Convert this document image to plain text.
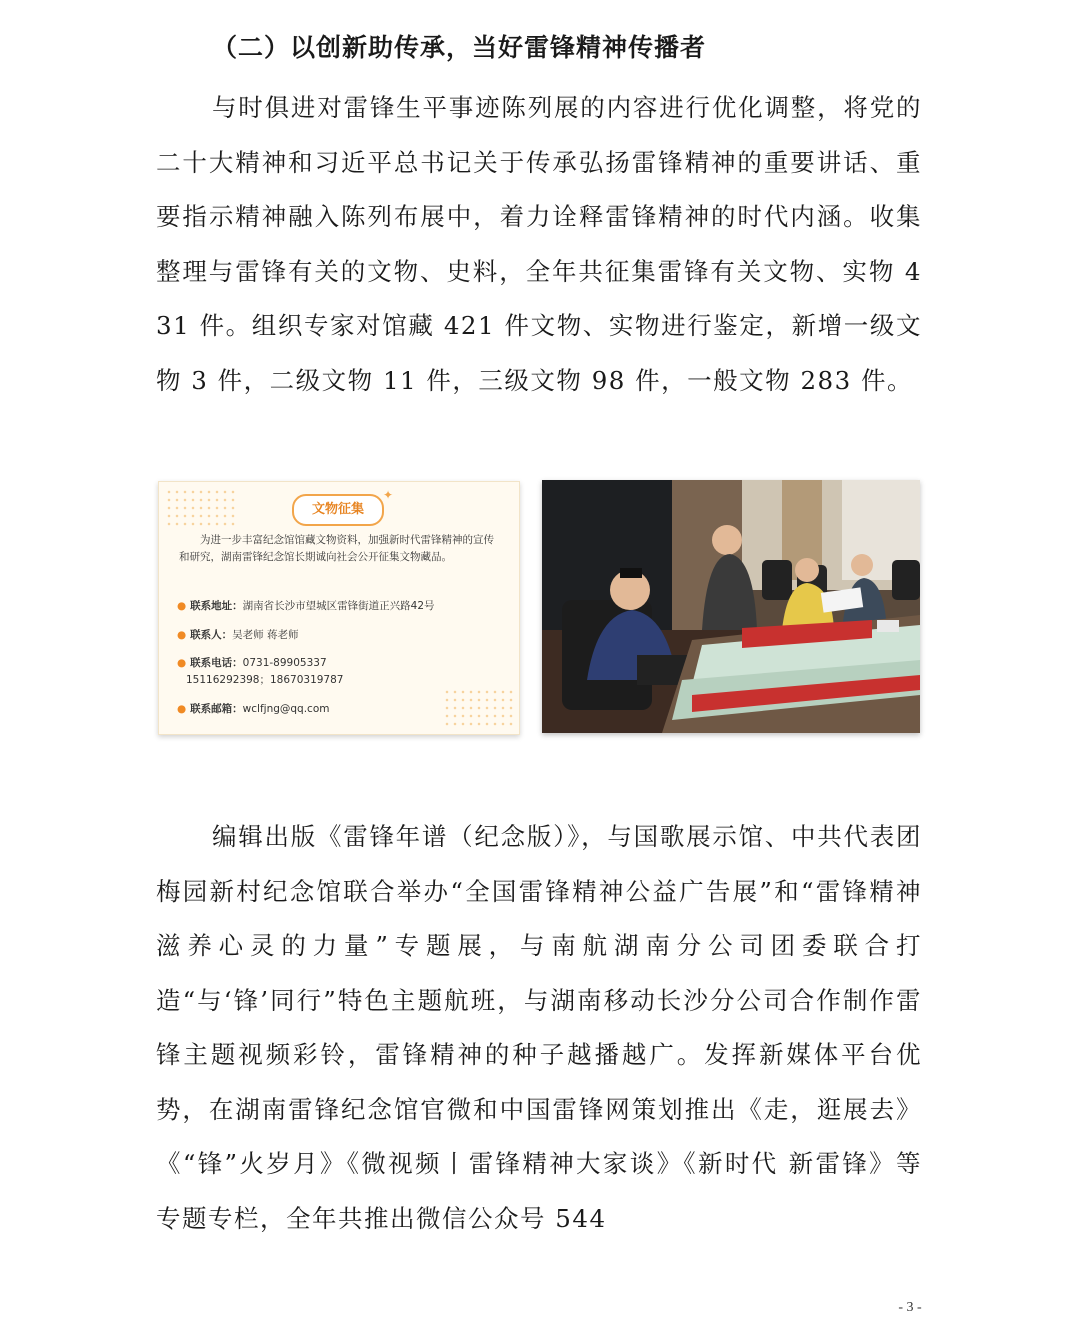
（二）以创新助传承，当好雷锋精神传播者
与时俱进对雷锋生平事迹陈列展的内容进行优化调整，将党的二十大精神和习近平总书记关于传承弘扬雷锋精神的重要讲话、重要指示精神融入陈列布展中，着力诠释雷锋精神的时代内涵。收集整理与雷锋有关的文物、史料，全年共征集雷锋有关文物、实物 431 件。组织专家对馆藏 421 件文物、实物进行鉴定，新增一级文物 3 件，二级文物 11 件，三级文物 98 件，一般文物 283 件。
文物征集
✦
为进一步丰富纪念馆馆藏文物资料，加强新时代雷锋精神的宣传和研究，湖南雷锋纪念馆长期诚向社会公开征集文物藏品。
● 联系地址：湖南省长沙市望城区雷锋街道正兴路42号
● 联系人：吴老师 蒋老师
● 联系电话：0731-89905337
15116292398；18670319787
● 联系邮箱：wclfjng@qq.com
编辑出版《雷锋年谱（纪念版）》，与国歌展示馆、中共代表团梅园新村纪念馆联合举办“全国雷锋精神公益广告展”和“雷锋精神 滋养心灵的力量”专题展，与南航湖南分公司团委联合打造“与‘锋’同行”特色主题航班，与湖南移动长沙分公司合作制作雷锋主题视频彩铃，雷锋精神的种子越播越广。发挥新媒体平台优势，在湖南雷锋纪念馆官微和中国雷锋网策划推出《走，逛展去》《“锋”火岁月》《微视频丨雷锋精神大家谈》《新时代 新雷锋》等专题专栏，全年共推出微信公众号 544
- 3 -
